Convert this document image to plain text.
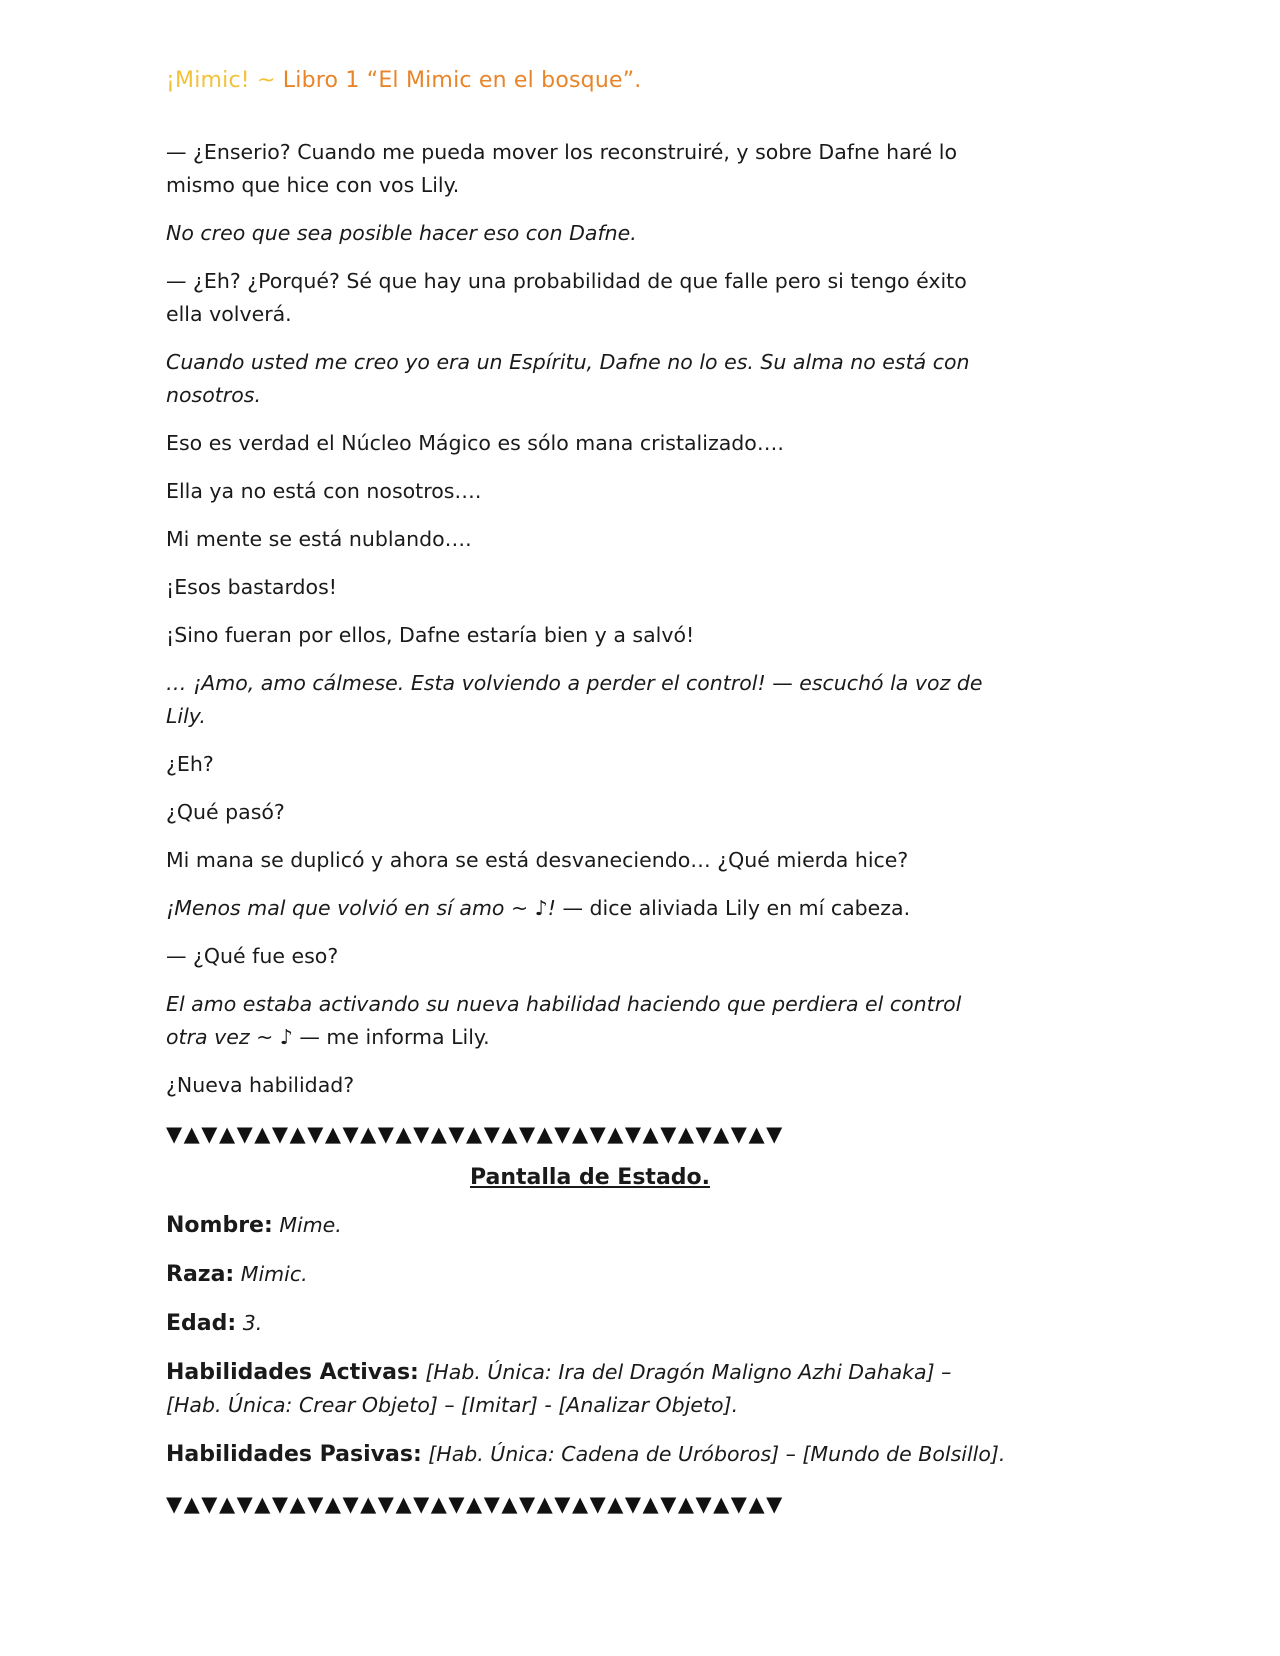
¡Mimic! ~ Libro 1 “El Mimic en el bosque”.

— ¿Enserio? Cuando me pueda mover los reconstruiré, y sobre Dafne haré lo mismo que hice con vos Lily.

No creo que sea posible hacer eso con Dafne.

— ¿Eh? ¿Porqué? Sé que hay una probabilidad de que falle pero si tengo éxito ella volverá.

Cuando usted me creo yo era un Espíritu, Dafne no lo es. Su alma no está con nosotros.

Eso es verdad el Núcleo Mágico es sólo mana cristalizado….

Ella ya no está con nosotros….

Mi mente se está nublando….

¡Esos bastardos!

¡Sino fueran por ellos, Dafne estaría bien y a salvó!

… ¡Amo, amo cálmese. Esta volviendo a perder el control! — escuchó la voz de Lily.

¿Eh?

¿Qué pasó?

Mi mana se duplicó y ahora se está desvaneciendo… ¿Qué mierda hice?

¡Menos mal que volvió en sí amo ~ ♪! — dice aliviada Lily en mí cabeza.

— ¿Qué fue eso?

El amo estaba activando su nueva habilidad haciendo que perdiera el control otra vez ~ ♪ — me informa Lily.

¿Nueva habilidad?

▼▲▼▲▼▲▼▲▼▲▼▲▼▲▼▲▼▲▼▲▼▲▼▲▼▲▼▲▼▲▼▲▼▲▼
Pantalla de Estado.
Nombre: Mime.
Raza: Mimic.
Edad: 3.
Habilidades Activas: [Hab. Única: Ira del Dragón Maligno Azhi Dahaka] – [Hab. Única: Crear Objeto] – [Imitar] - [Analizar Objeto].
Habilidades Pasivas: [Hab. Única: Cadena de Uróboros] – [Mundo de Bolsillo].
▼▲▼▲▼▲▼▲▼▲▼▲▼▲▼▲▼▲▼▲▼▲▼▲▼▲▼▲▼▲▼▲▼▲▼
